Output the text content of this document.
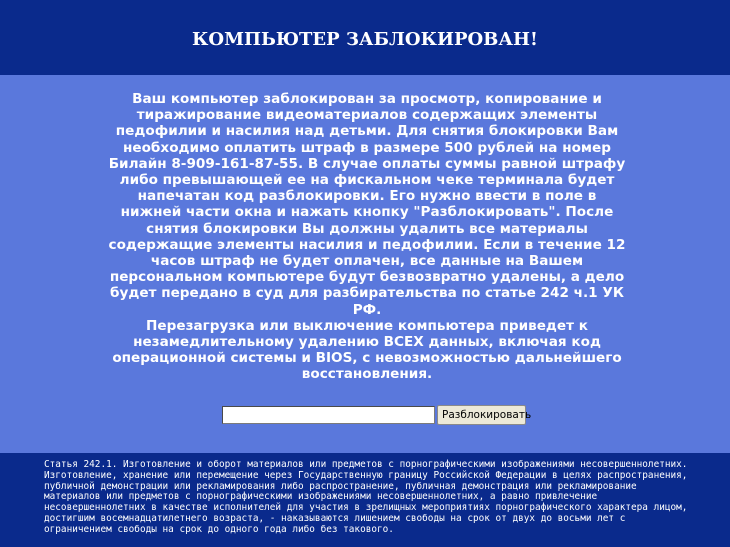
КОМПЬЮТЕР ЗАБЛОКИРОВАН!

Ваш компьютер заблокирован за просмотр, копирование и тиражирование видеоматериалов содержащих элементы педофилии и насилия над детьми. Для снятия блокировки Вам необходимо оплатить штраф в размере 500 рублей на номер Билайн 8-909-161-87-55. В случае оплаты суммы равной штрафу либо превышающей ее на фискальном чеке терминала будет напечатан код разблокировки. Его нужно ввести в поле в нижней части окна и нажать кнопку "Разблокировать". После снятия блокировки Вы должны удалить все материалы содержащие элементы насилия и педофилии. Если в течение 12 часов штраф не будет оплачен, все данные на Вашем персональном компьютере будут безвозвратно удалены, а дело будет передано в суд для разбирательства по статье 242 ч.1 УК РФ.

Перезагрузка или выключение компьютера приведет к незамедлительному удалению ВСЕХ данных, включая код операционной системы и BIOS, с невозможностью дальнейшего восстановления.

Разблокировать

Статья 242.1. Изготовление и оборот материалов или предметов с порнографическими изображениями несовершеннолетних.

Изготовление, хранение или перемещение через Государственную границу Российской Федерации в целях распространения, публичной демонстрации или рекламирования либо распространение, публичная демонстрация или рекламирование материалов или предметов с порнографическими изображениями несовершеннолетних, а равно привлечение несовершеннолетних в качестве исполнителей для участия в зрелищных мероприятиях порнографического характера лицом, достигшим восемнадцатилетнего возраста, - наказываются лишением свободы на срок от двух до восьми лет с ограничением свободы на срок до одного года либо без такового.
